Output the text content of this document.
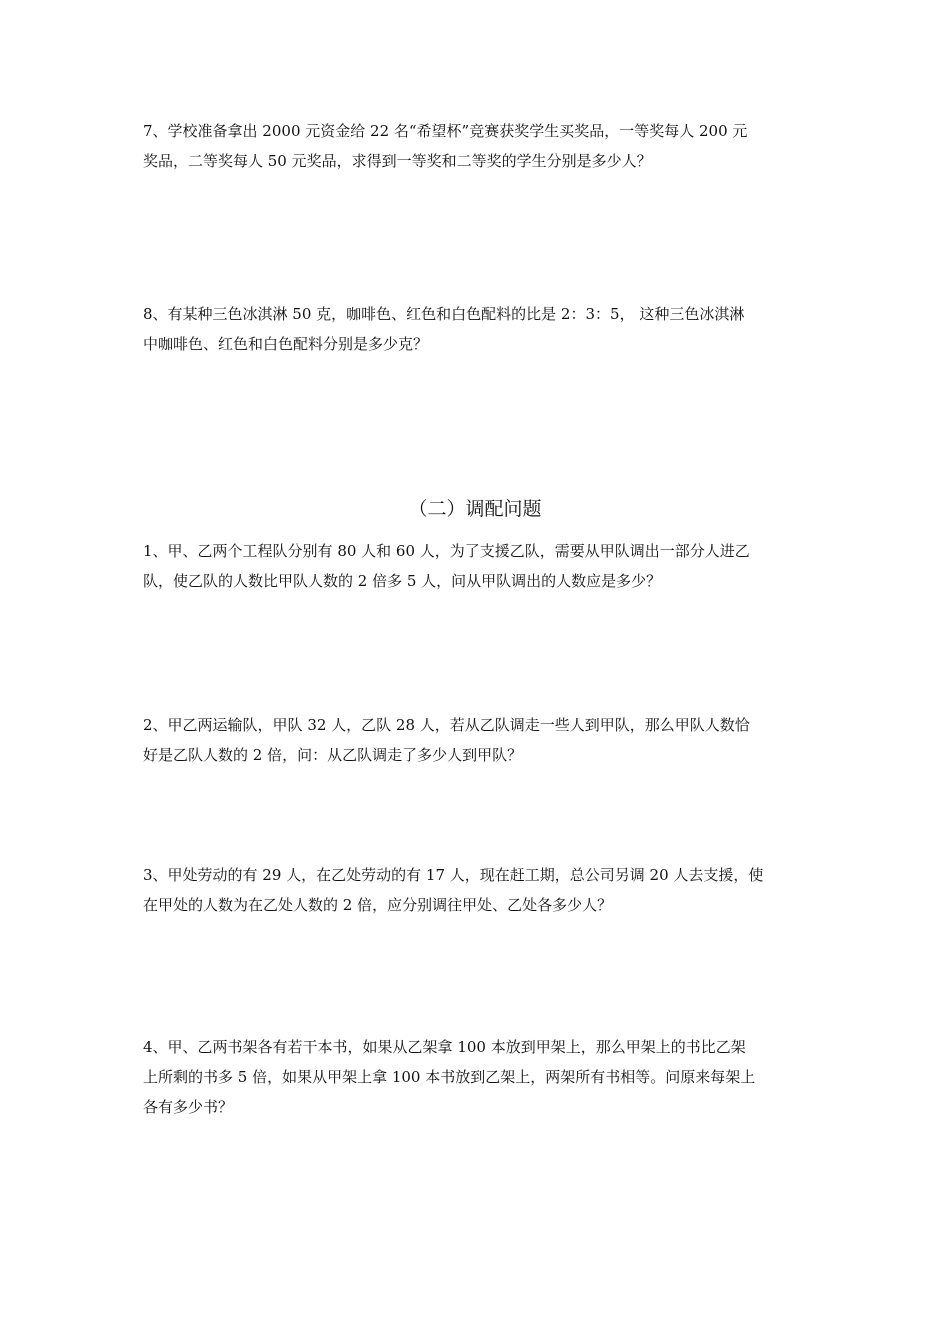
7、学校准备拿出 2000 元资金给 22 名“希望杯”竞赛获奖学生买奖品，一等奖每人 200 元
奖品，二等奖每人 50 元奖品，求得到一等奖和二等奖的学生分别是多少人？

8、有某种三色冰淇淋 50 克，咖啡色、红色和白色配料的比是 2：3：5， 这种三色冰淇淋
中咖啡色、红色和白色配料分别是多少克？

（二）调配问题

1、甲、乙两个工程队分别有 80 人和 60 人，为了支援乙队，需要从甲队调出一部分人进乙
队，使乙队的人数比甲队人数的 2 倍多 5 人，问从甲队调出的人数应是多少？

2、甲乙两运输队，甲队 32 人，乙队 28 人，若从乙队调走一些人到甲队，那么甲队人数恰
好是乙队人数的 2 倍，问：从乙队调走了多少人到甲队？

3、甲处劳动的有 29 人，在乙处劳动的有 17 人，现在赶工期，总公司另调 20 人去支援，使
在甲处的人数为在乙处人数的 2 倍，应分别调往甲处、乙处各多少人？

4、甲、乙两书架各有若干本书，如果从乙架拿 100 本放到甲架上，那么甲架上的书比乙架
上所剩的书多 5 倍，如果从甲架上拿 100 本书放到乙架上，两架所有书相等。问原来每架上
各有多少书？
